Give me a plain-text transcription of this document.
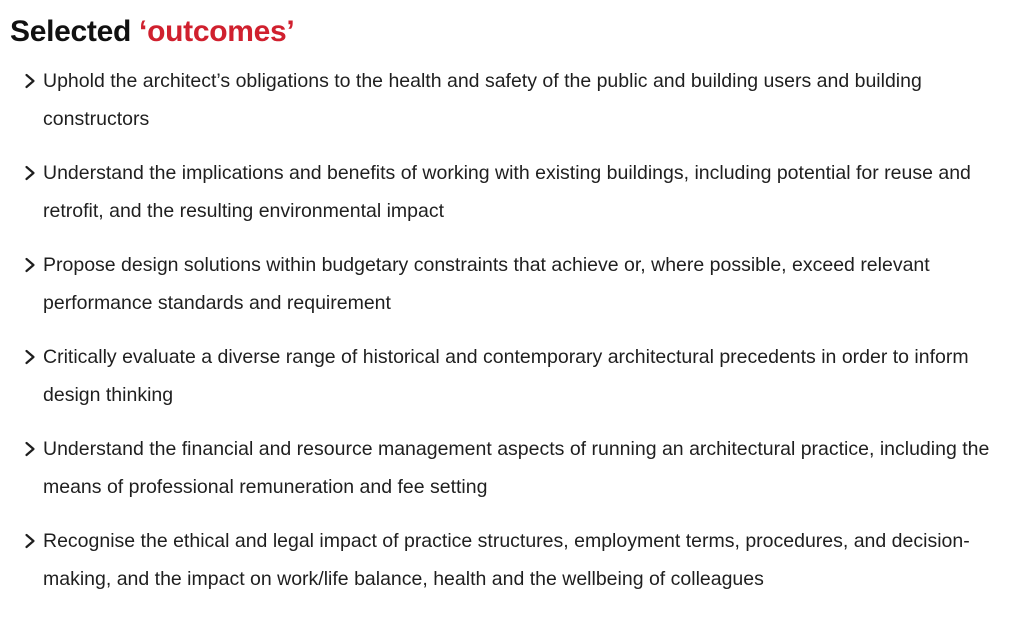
Selected ‘outcomes’
Uphold the architect’s obligations to the health and safety of the public and building users and building constructors
Understand the implications and benefits of working with existing buildings, including potential for reuse and retrofit, and the resulting environmental impact
Propose design solutions within budgetary constraints that achieve or, where possible, exceed relevant performance standards and requirement
Critically evaluate a diverse range of historical and contemporary architectural precedents in order to inform design thinking
Understand the financial and resource management aspects of running an architectural practice, including the means of professional remuneration and fee setting
Recognise the ethical and legal impact of practice structures, employment terms, procedures, and decision-making, and the impact on work/life balance, health and the wellbeing of colleagues
